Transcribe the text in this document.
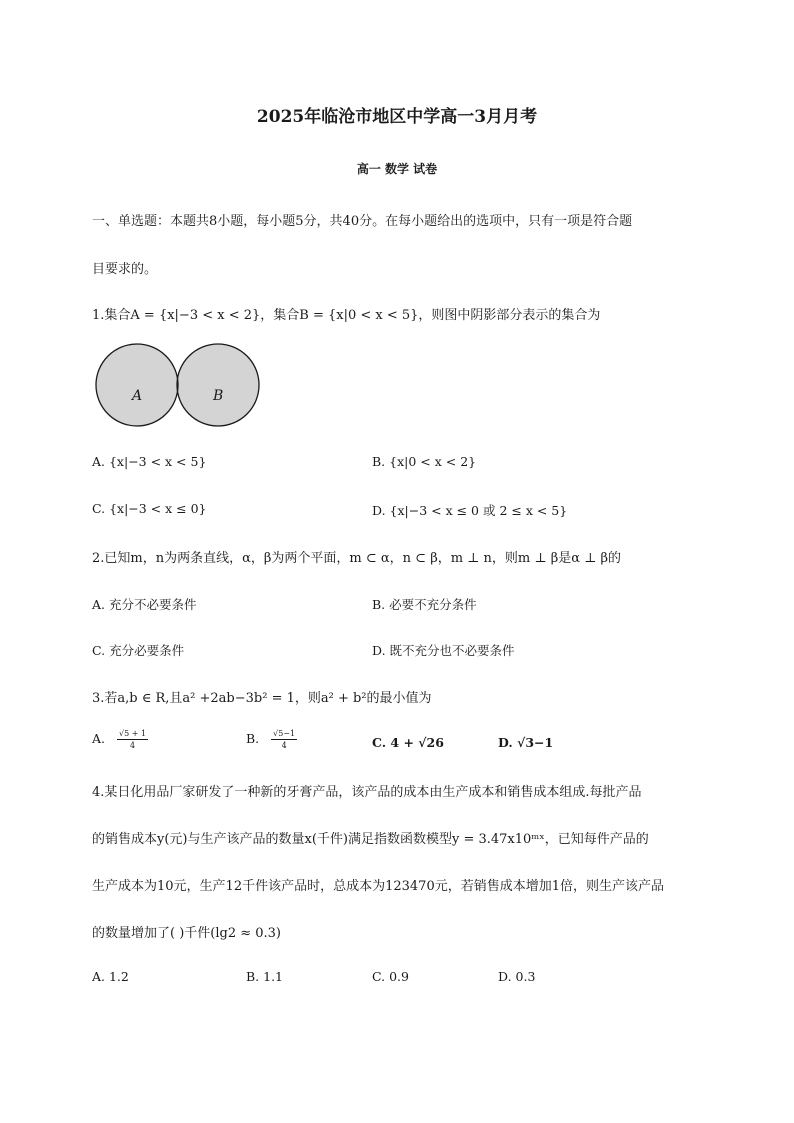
2025年临沧市地区中学高一3月月考
高一 数学 试卷
一、单选题：本题共8小题，每小题5分，共40分。在每小题给出的选项中，只有一项是符合题
目要求的。
1.集合A = {x|−3 < x < 2}，集合B = {x|0 < x < 5}，则图中阴影部分表示的集合为
A	B
A. {x|−3 < x < 5}	B. {x|0 < x < 2}
C. {x|−3 < x ≤ 0}	D. {x|−3 < x ≤ 0 或 2 ≤ x < 5}
2.已知m，n为两条直线，α，β为两个平面，m ⊂ α，n ⊂ β，m ⊥ n，则m ⊥ β是α ⊥ β的
A. 充分不必要条件	B. 必要不充分条件
C. 充分必要条件	D. 既不充分也不必要条件
3.若a,b ∈ R,且a² +2ab−3b² = 1，则a² + b²的最小值为
A. $\frac{√5 + 1}{4}$	B. $\frac{√5-1}{4}$	C. 4 + √26	D. √3−1
4.某日化用品厂家研发了一种新的牙膏产品，该产品的成本由生产成本和销售成本组成.每批产品
的销售成本y(元)与生产该产品的数量x(千件)满足指数函数模型y = 3.47x10ᵐˣ，已知每件产品的
生产成本为10元，生产12千件该产品时，总成本为123470元，若销售成本增加1倍，则生产该产品
的数量增加了( )千件(lg2 ≈ 0.3)
A. 1.2	B. 1.1	C. 0.9	D. 0.3
